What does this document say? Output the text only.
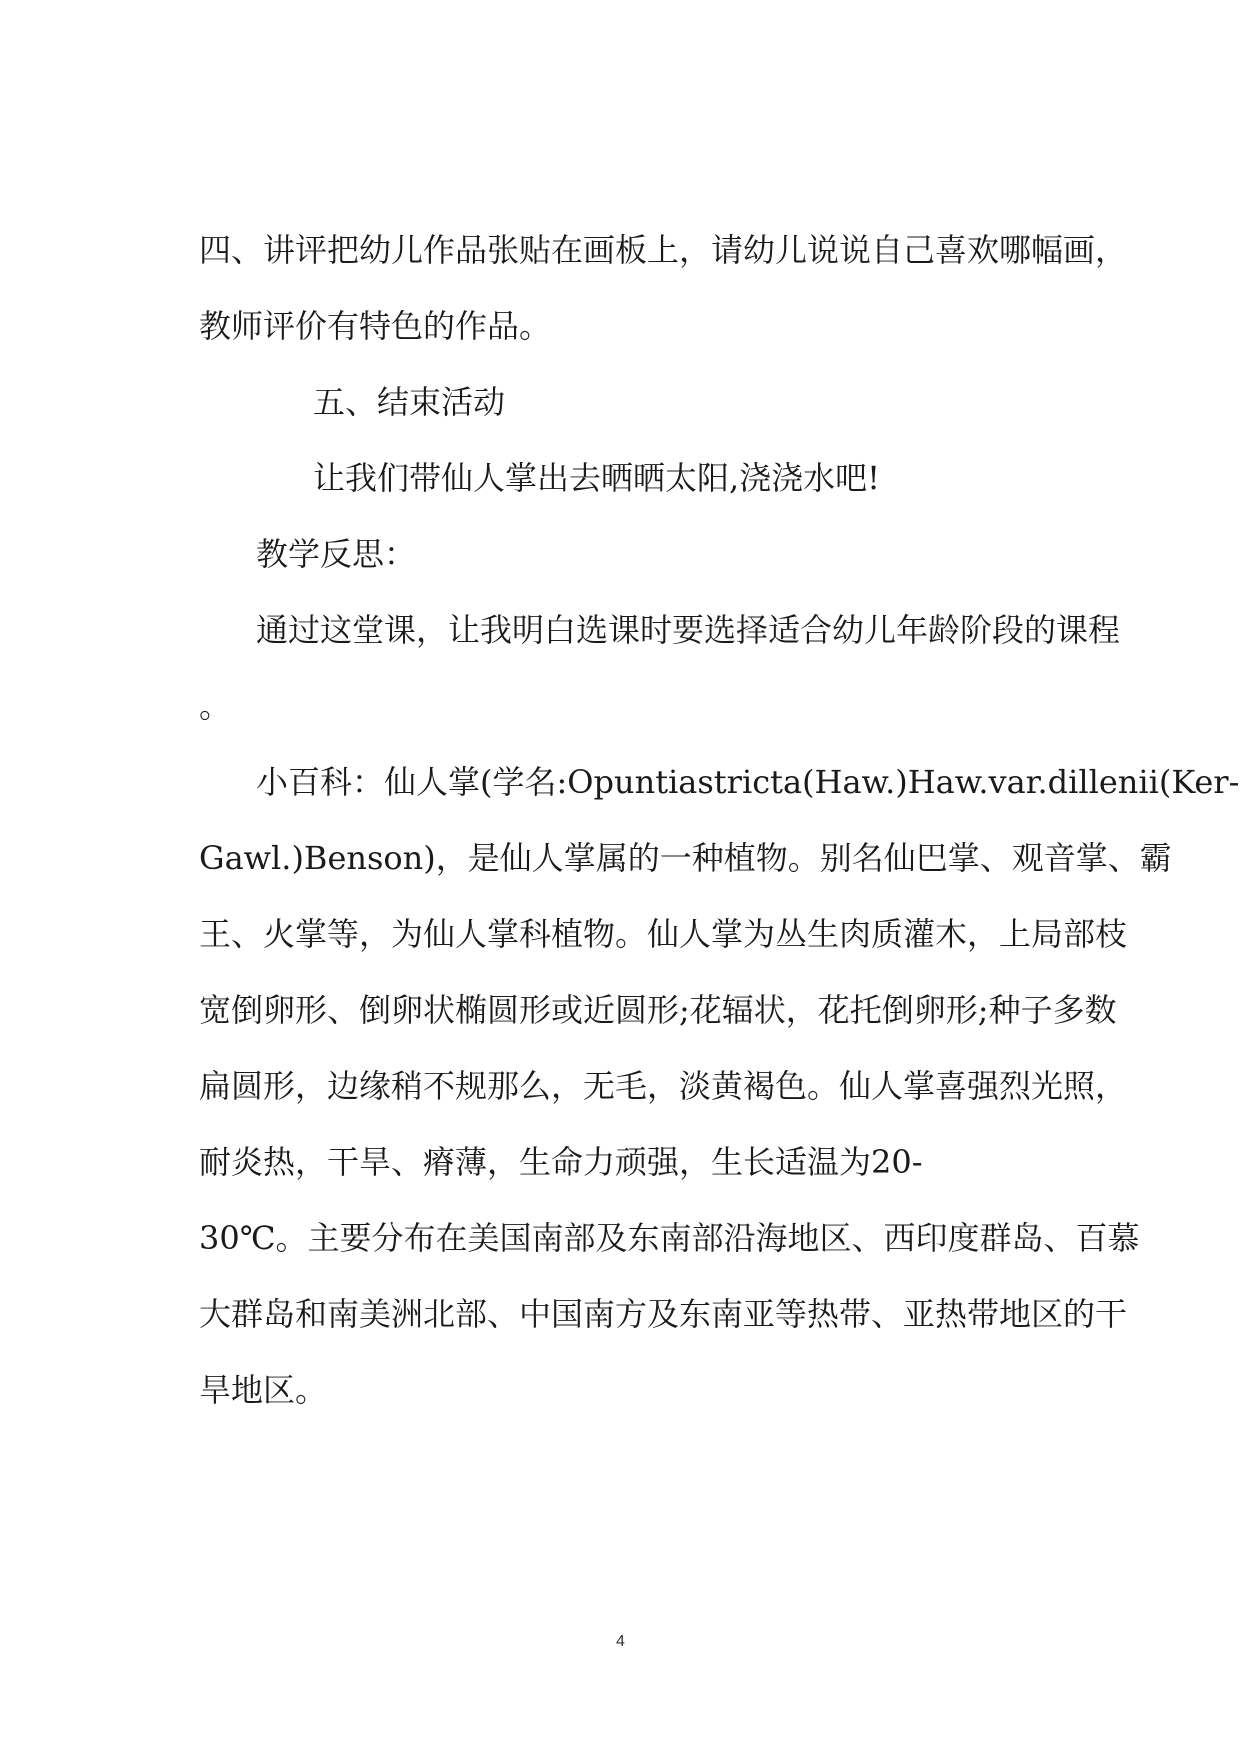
四、讲评把幼儿作品张贴在画板上，请幼儿说说自己喜欢哪幅画，
教师评价有特色的作品。
五、结束活动
让我们带仙人掌出去晒晒太阳,浇浇水吧!
教学反思：
通过这堂课，让我明白选课时要选择适合幼儿年龄阶段的课程
。
小百科：仙人掌(学名:Opuntiastricta(Haw.)Haw.var.dillenii(Ker-
Gawl.)Benson)，是仙人掌属的一种植物。别名仙巴掌、观音掌、霸
王、火掌等，为仙人掌科植物。仙人掌为丛生肉质灌木，上局部枝
宽倒卵形、倒卵状椭圆形或近圆形;花辐状，花托倒卵形;种子多数
扁圆形，边缘稍不规那么，无毛，淡黄褐色。仙人掌喜强烈光照，
耐炎热，干旱、瘠薄，生命力顽强，生长适温为20-
30℃。主要分布在美国南部及东南部沿海地区、西印度群岛、百慕
大群岛和南美洲北部、中国南方及东南亚等热带、亚热带地区的干
旱地区。
4
